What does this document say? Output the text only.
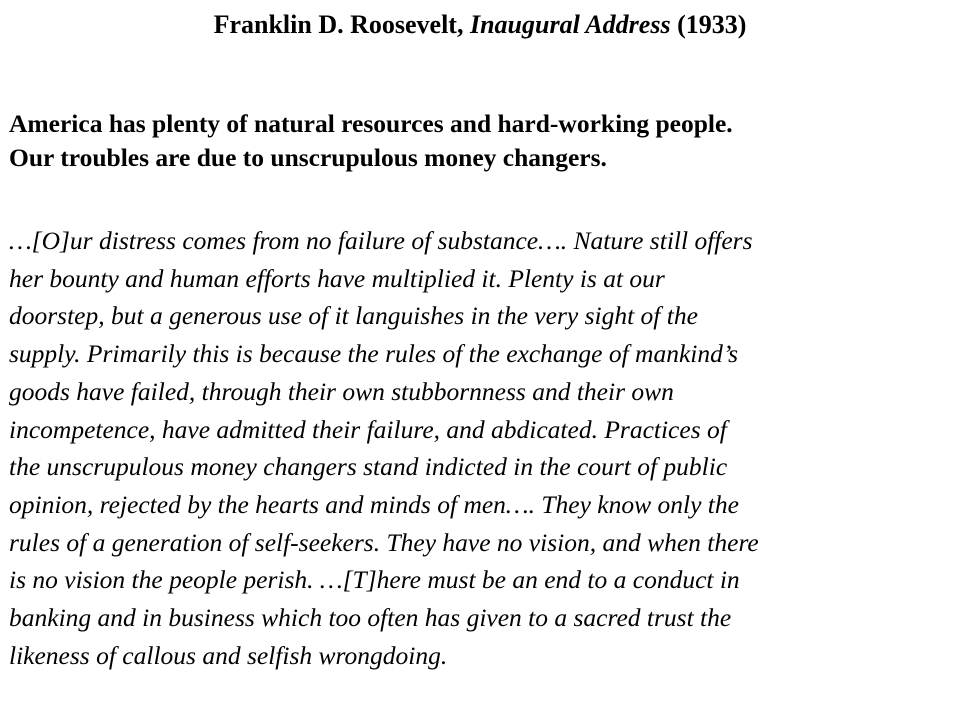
Franklin D. Roosevelt, Inaugural Address (1933)
America has plenty of natural resources and hard-working people.
Our troubles are due to unscrupulous money changers.
…[O]ur distress comes from no failure of substance…. Nature still offers
her bounty and human efforts have multiplied it. Plenty is at our
doorstep, but a generous use of it languishes in the very sight of the
supply. Primarily this is because the rules of the exchange of mankind’s
goods have failed, through their own stubbornness and their own
incompetence, have admitted their failure, and abdicated. Practices of
the unscrupulous money changers stand indicted in the court of public
opinion, rejected by the hearts and minds of men…. They know only the
rules of a generation of self-seekers. They have no vision, and when there
is no vision the people perish. …[T]here must be an end to a conduct in
banking and in business which too often has given to a sacred trust the
likeness of callous and selfish wrongdoing.
